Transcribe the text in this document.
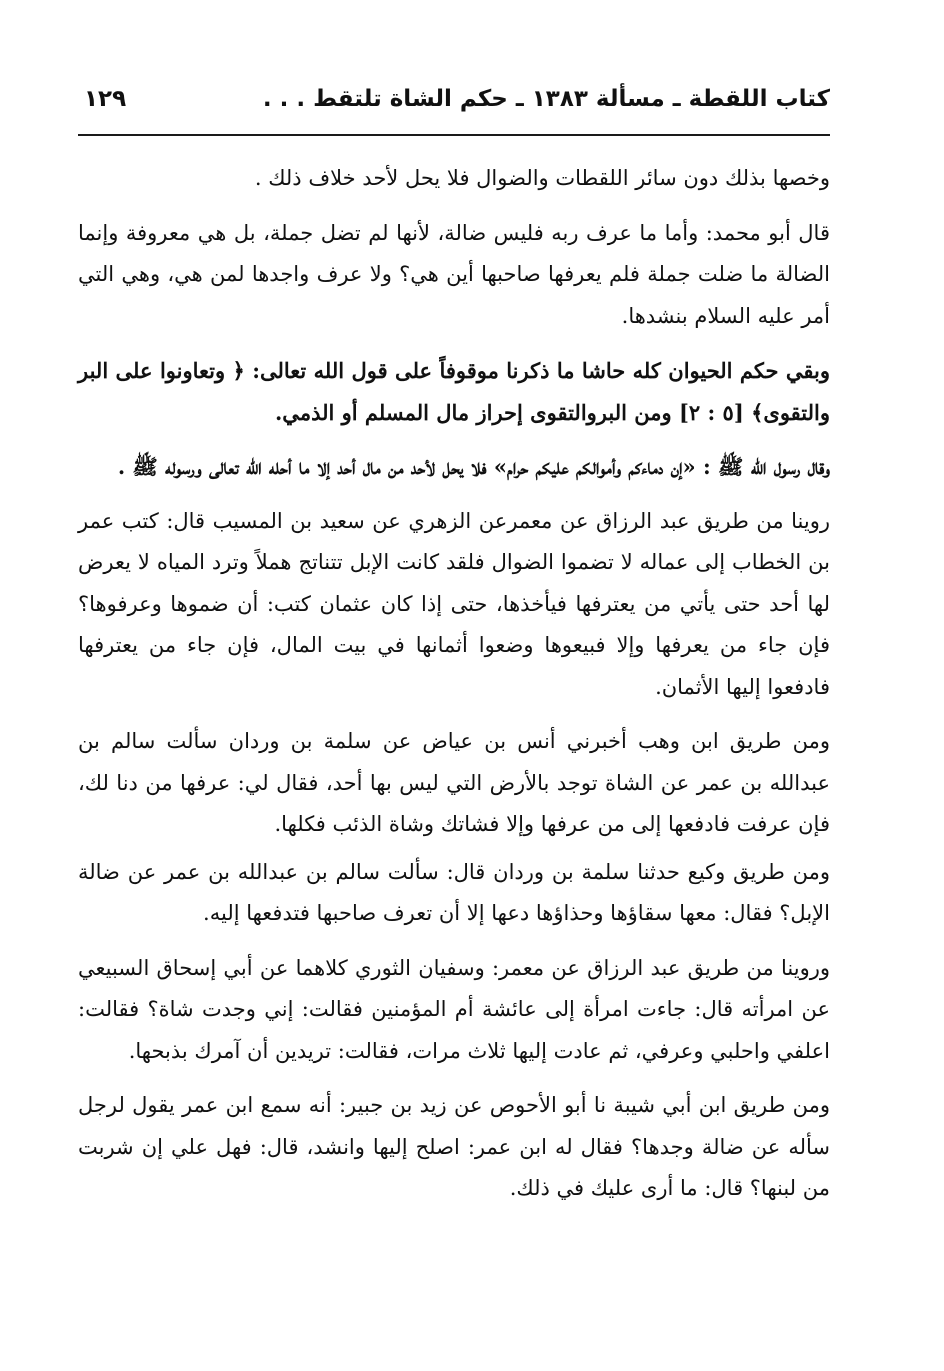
كتاب اللقطة ـ مسألة ١٣٨٣ ـ حكم الشاة تلتقط . . .
١٢٩

وخصها بذلك دون سائر اللقطات والضوال فلا يحل لأحد خلاف ذلك .

قال أبو محمد: وأما ما عرف ربه فليس ضالة، لأنها لم تضل جملة، بل هي معروفة وإنما الضالة ما ضلت جملة فلم يعرفها صاحبها أين هي؟ ولا عرف واجدها لمن هي، وهي التي أمر عليه السلام بنشدها.

وبقي حكم الحيوان كله حاشا ما ذكرنا موقوفاً على قول الله تعالى: ﴿ وتعاونوا على البر والتقوى﴾ [٥ : ٢] ومن البروالتقوى إحراز مال المسلم أو الذمي.

وقال رسول الله ﷺ : «إن دماءكم وأموالكم عليكم حرام» فلا يحل لأحد من مال أحد إلا ما أحله الله تعالى ورسوله ﷺ .

روينا من طريق عبد الرزاق عن معمرعن الزهري عن سعيد بن المسيب قال: كتب عمر بن الخطاب إلى عماله لا تضموا الضوال فلقد كانت الإبل تتناتج هملاً وترد المياه لا يعرض لها أحد حتى يأتي من يعترفها فيأخذها، حتى إذا كان عثمان كتب: أن ضموها وعرفوها؟ فإن جاء من يعرفها وإلا فبيعوها وضعوا أثمانها في بيت المال، فإن جاء من يعترفها فادفعوا إليها الأثمان.

ومن طريق ابن وهب أخبرني أنس بن عياض عن سلمة بن وردان سألت سالم بن عبدالله بن عمر عن الشاة توجد بالأرض التي ليس بها أحد، فقال لي: عرفها من دنا لك، فإن عرفت فادفعها إلى من عرفها وإلا فشاتك وشاة الذئب فكلها.

ومن طريق وكيع حدثنا سلمة بن وردان قال: سألت سالم بن عبدالله بن عمر عن ضالة الإبل؟ فقال: معها سقاؤها وحذاؤها دعها إلا أن تعرف صاحبها فتدفعها إليه.

وروينا من طريق عبد الرزاق عن معمر: وسفيان الثوري كلاهما عن أبي إسحاق السبيعي عن امرأته قال: جاءت امرأة إلى عائشة أم المؤمنين فقالت: إني وجدت شاة؟ فقالت: اعلفي واحلبي وعرفي، ثم عادت إليها ثلاث مرات، فقالت: تريدين أن آمرك بذبحها.

ومن طريق ابن أبي شيبة نا أبو الأحوص عن زيد بن جبير: أنه سمع ابن عمر يقول لرجل سأله عن ضالة وجدها؟ فقال له ابن عمر: اصلح إليها وانشد، قال: فهل علي إن شربت من لبنها؟ قال: ما أرى عليك في ذلك.
